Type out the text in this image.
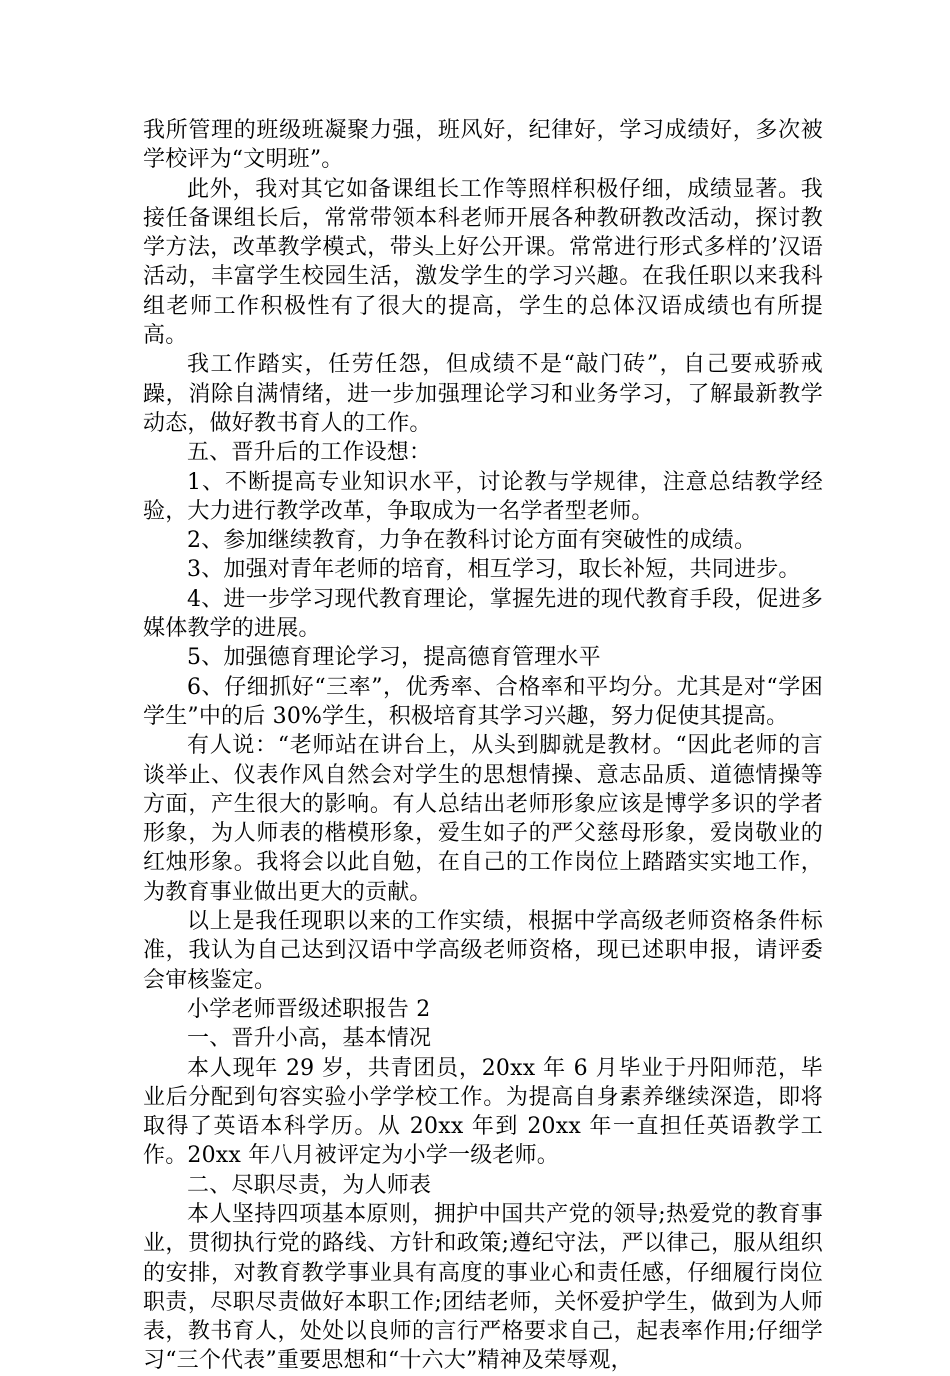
我所管理的班级班凝聚力强，班风好，纪律好，学习成绩好，多次被学校评为“文明班”。

此外，我对其它如备课组长工作等照样积极仔细，成绩显著。我接任备课组长后，常常带领本科老师开展各种教研教改活动，探讨教学方法，改革教学模式，带头上好公开课。常常进行形式多样的’汉语活动，丰富学生校园生活，激发学生的学习兴趣。在我任职以来我科组老师工作积极性有了很大的提高，学生的总体汉语成绩也有所提高。

我工作踏实，任劳任怨，但成绩不是“敲门砖”，自己要戒骄戒躁，消除自满情绪，进一步加强理论学习和业务学习，了解最新教学动态，做好教书育人的工作。

五、晋升后的工作设想：

1、不断提高专业知识水平，讨论教与学规律，注意总结教学经验，大力进行教学改革，争取成为一名学者型老师。

2、参加继续教育，力争在教科讨论方面有突破性的成绩。

3、加强对青年老师的培育，相互学习，取长补短，共同进步。

4、进一步学习现代教育理论，掌握先进的现代教育手段，促进多媒体教学的进展。

5、加强德育理论学习，提高德育管理水平

6、仔细抓好“三率”，优秀率、合格率和平均分。尤其是对“学困学生”中的后 30%学生，积极培育其学习兴趣，努力促使其提高。

有人说：“老师站在讲台上，从头到脚就是教材。“因此老师的言谈举止、仪表作风自然会对学生的思想情操、意志品质、道德情操等方面，产生很大的影响。有人总结出老师形象应该是博学多识的学者形象，为人师表的楷模形象，爱生如子的严父慈母形象，爱岗敬业的红烛形象。我将会以此自勉，在自己的工作岗位上踏踏实实地工作，为教育事业做出更大的贡献。

以上是我任现职以来的工作实绩，根据中学高级老师资格条件标准，我认为自己达到汉语中学高级老师资格，现已述职申报，请评委会审核鉴定。

小学老师晋级述职报告 2

一、晋升小高，基本情况

本人现年 29 岁，共青团员，20xx 年 6 月毕业于丹阳师范，毕业后分配到句容实验小学学校工作。为提高自身素养继续深造，即将取得了英语本科学历。从 20xx 年到 20xx 年一直担任英语教学工作。20xx 年八月被评定为小学一级老师。

二、尽职尽责，为人师表

本人坚持四项基本原则，拥护中国共产党的领导;热爱党的教育事业，贯彻执行党的路线、方针和政策;遵纪守法，严以律己，服从组织的安排，对教育教学事业具有高度的事业心和责任感，仔细履行岗位职责，尽职尽责做好本职工作;团结老师，关怀爱护学生，做到为人师表，教书育人，处处以良师的言行严格要求自己，起表率作用;仔细学习“三个代表”重要思想和“十六大”精神及荣辱观，
